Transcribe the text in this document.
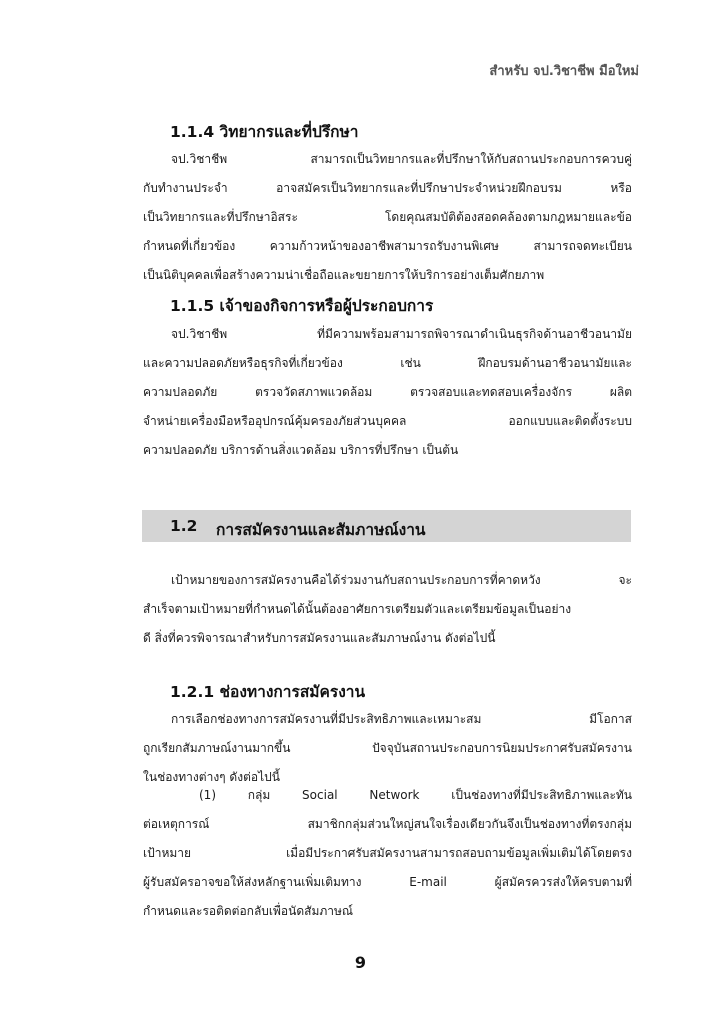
สำหรับ จป.วิชาชีพ มือใหม่
1.1.4 วิทยากรและที่ปรึกษา
จป.วิชาชีพ สามารถเป็นวิทยากรและที่ปรึกษาให้กับสถานประกอบการควบคู่
กับทำงานประจำ อาจสมัครเป็นวิทยากรและที่ปรึกษาประจำหน่วยฝึกอบรม หรือ
เป็นวิทยากรและที่ปรึกษาอิสระ โดยคุณสมบัติต้องสอดคล้องตามกฎหมายและข้อ
กำหนดที่เกี่ยวข้อง ความก้าวหน้าของอาชีพสามารถรับงานพิเศษ สามารถจดทะเบียน
เป็นนิติบุคคลเพื่อสร้างความน่าเชื่อถือและขยายการให้บริการอย่างเต็มศักยภาพ
1.1.5 เจ้าของกิจการหรือผู้ประกอบการ
จป.วิชาชีพ ที่มีความพร้อมสามารถพิจารณาดำเนินธุรกิจด้านอาชีวอนามัย
และความปลอดภัยหรือธุรกิจที่เกี่ยวข้อง เช่น ฝึกอบรมด้านอาชีวอนามัยและ
ความปลอดภัย ตรวจวัดสภาพแวดล้อม ตรวจสอบและทดสอบเครื่องจักร ผลิต
จำหน่ายเครื่องมือหรืออุปกรณ์คุ้มครองภัยส่วนบุคคล ออกแบบและติดตั้งระบบ
ความปลอดภัย บริการด้านสิ่งแวดล้อม บริการที่ปรึกษา เป็นต้น
1.2 การสมัครงานและสัมภาษณ์งาน
เป้าหมายของการสมัครงานคือได้ร่วมงานกับสถานประกอบการที่คาดหวัง จะ
สำเร็จตามเป้าหมายที่กำหนดได้นั้นต้องอาศัยการเตรียมตัวและเตรียมข้อมูลเป็นอย่าง
ดี สิ่งที่ควรพิจารณาสำหรับการสมัครงานและสัมภาษณ์งาน ดังต่อไปนี้
1.2.1 ช่องทางการสมัครงาน
การเลือกช่องทางการสมัครงานที่มีประสิทธิภาพและเหมาะสม มีโอกาส
ถูกเรียกสัมภาษณ์งานมากขึ้น ปัจจุบันสถานประกอบการนิยมประกาศรับสมัครงาน
ในช่องทางต่างๆ ดังต่อไปนี้
(1) กลุ่ม Social Network เป็นช่องทางที่มีประสิทธิภาพและทัน
ต่อเหตุการณ์ สมาชิกกลุ่มส่วนใหญ่สนใจเรื่องเดียวกันจึงเป็นช่องทางที่ตรงกลุ่ม
เป้าหมาย เมื่อมีประกาศรับสมัครงานสามารถสอบถามข้อมูลเพิ่มเติมได้โดยตรง
ผู้รับสมัครอาจขอให้ส่งหลักฐานเพิ่มเติมทาง E-mail ผู้สมัครควรส่งให้ครบตามที่
กำหนดและรอติดต่อกลับเพื่อนัดสัมภาษณ์
9
